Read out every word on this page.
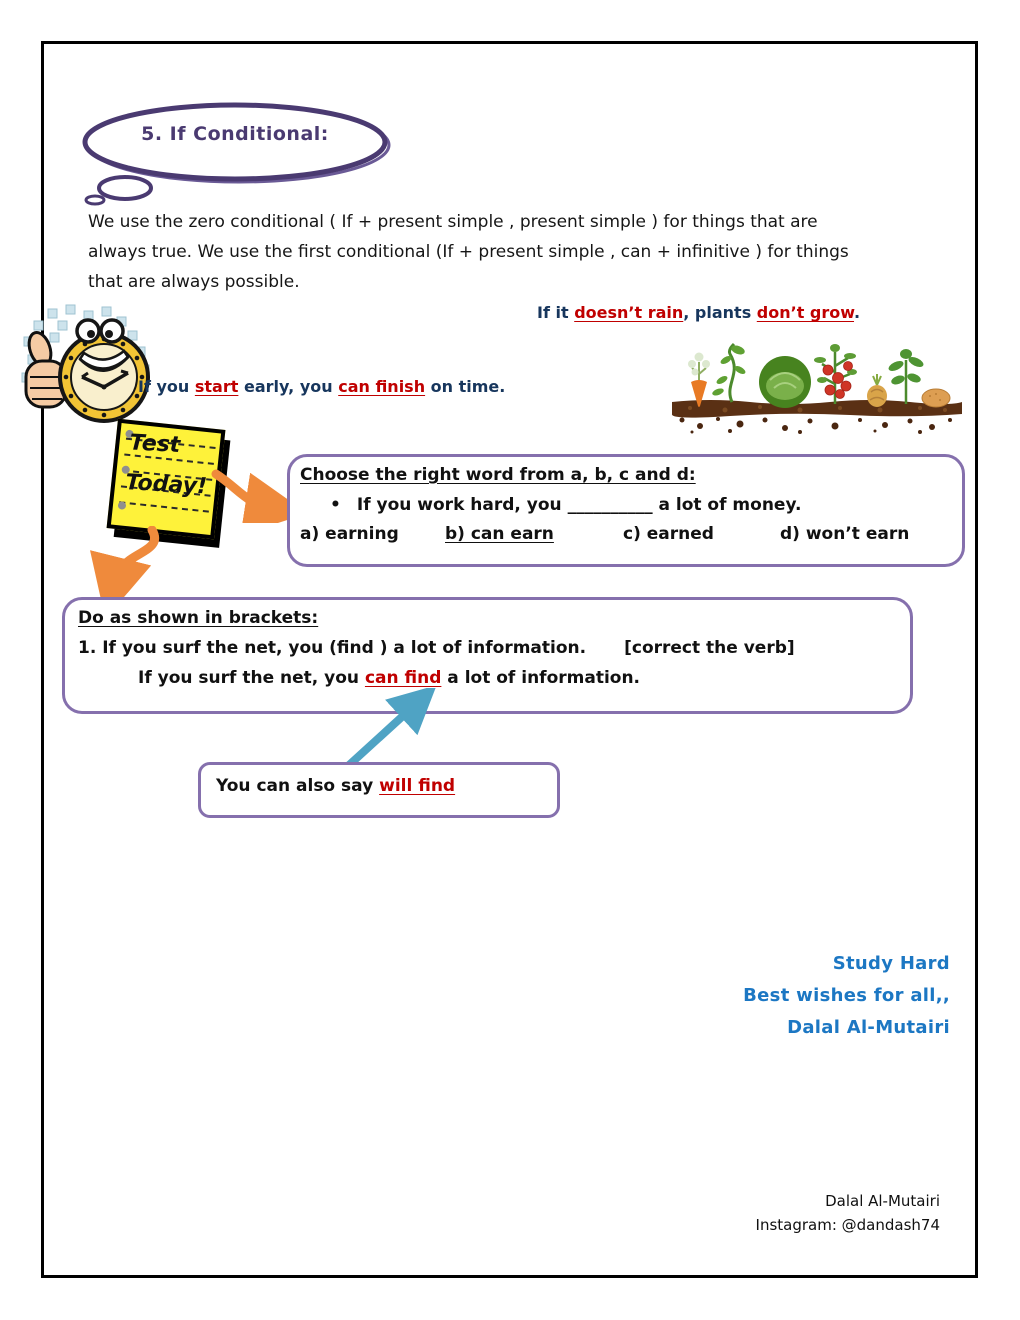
5. If Conditional:
We use the zero conditional ( If + present simple , present simple ) for things that are
always true. We use the first conditional (If + present simple , can + infinitive ) for things
that are always possible.
If it doesn’t rain, plants don’t grow.
If you start early, you can finish on time.
Test
Today!	Choose the right word from a, b, c and d:
• If you work hard, you __________ a lot of money.
a) earning	b) can earn	c) earned	d) won’t earn
Do as shown in brackets:
1. If you surf the net, you (find ) a lot of information. [correct the verb]
If you surf the net, you can find a lot of information.
You can also say will find
Study Hard
Best wishes for all,,
Dalal Al-Mutairi
Dalal Al-Mutairi
Instagram: @dandash74
